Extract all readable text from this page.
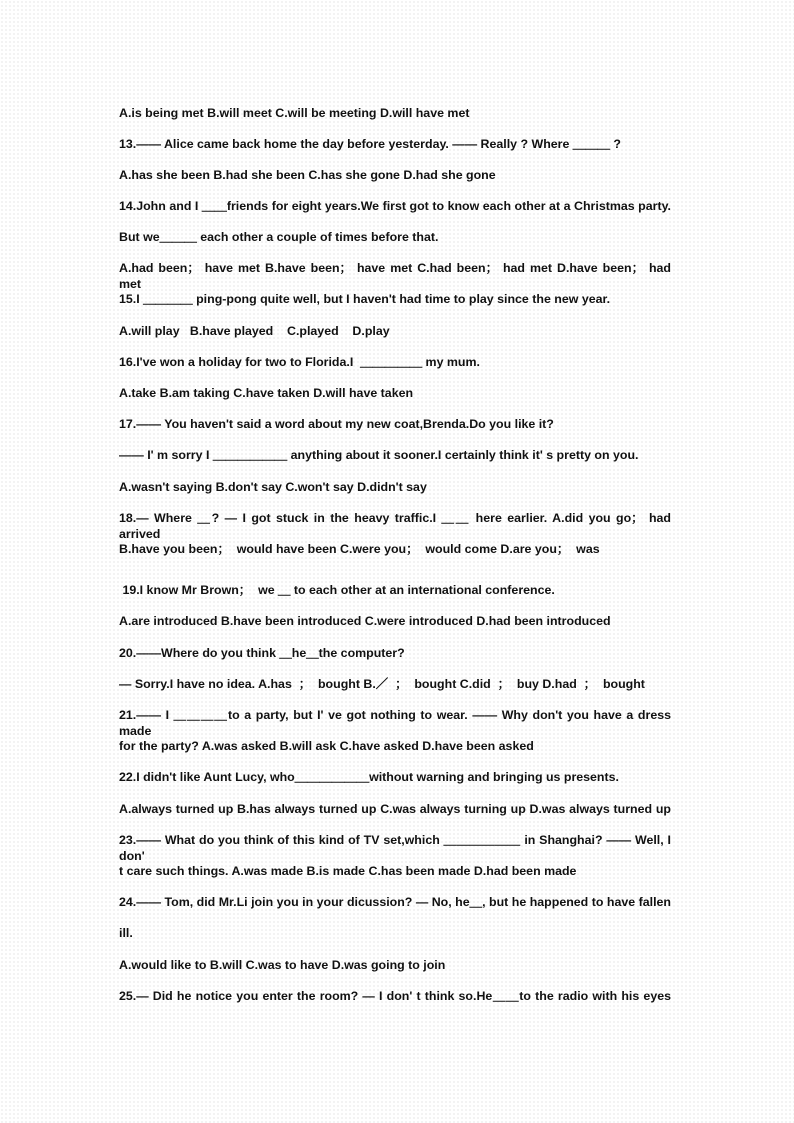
A.is being met B.will meet C.will be meeting D.will have met
13.—— Alice came back home the day before yesterday. —— Really ? Where ＿＿＿ ?
A.has she been B.had she been C.has she gone D.had she gone
14.John and I ＿＿friends for eight years.We first got to know each other at a Christmas party.
But we＿＿＿ each other a couple of times before that.
A.had been； have met B.have been； have met C.had been； had met D.have been； had met
15.I ＿＿＿＿ ping-pong quite well, but I haven't had time to play since the new year.
A.will play   B.have played    C.played    D.play
16.I've won a holiday for two to Florida.I  ＿＿＿＿＿ my mum.
A.take B.am taking C.have taken D.will have taken
17.—— You haven't said a word about my new coat,Brenda.Do you like it?
—— I' m sorry I ＿＿＿＿＿＿ anything about it sooner.I certainly think it' s pretty on you.
A.wasn't saying B.don't say C.won't say D.didn't say
18.— Where ＿? — I got stuck in the heavy traffic.I ＿＿ here earlier. A.did you go； had arrived
B.have you been；  would have been C.were you；  would come D.are you；  was
19.I know Mr Brown；  we ＿ to each other at an international conference.
A.are introduced B.have been introduced C.were introduced D.had been introduced
20.——Where do you think ＿he＿the computer?
— Sorry.I have no idea. A.has  ；  bought B.／  ；  bought C.did  ；  buy D.had  ；  bought
21.—— I ＿＿＿＿to a party, but I' ve got nothing to wear. —— Why don't you have a dress made
for the party? A.was asked B.will ask C.have asked D.have been asked
22.I didn't like Aunt Lucy, who＿＿＿＿＿＿without warning and bringing us presents.
A.always turned up B.has always turned up C.was always turning up D.was always turned up
23.—— What do you think of this kind of TV set,which ＿＿＿＿＿＿ in Shanghai? —— Well, I don'
t care such things. A.was made B.is made C.has been made D.had been made
24.—— Tom, did Mr.Li join you in your dicussion? — No, he＿, but he happened to have fallen
ill.
A.would like to B.will C.was to have D.was going to join
25.— Did he notice you enter the room? — I don' t think so.He＿＿to the radio with his eyes
